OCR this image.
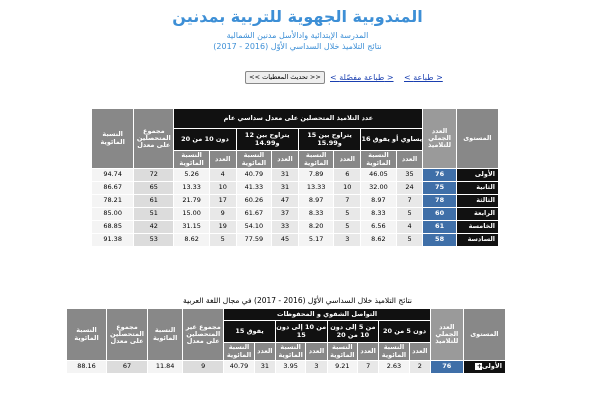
المندوبية الجهوية للتربية بمدنين
المدرسة الإبتدائية وادالأسل مدنين الشمالية
نتائج التلاميذ خلال السداسي الأوّل (2016 - 2017)
< طباعة >
< طباعة مفصّلة >
<< تحديث المعطيات >>
المستوى	العدد الجملي للتلاميذ	عدد التلاميذ المتحصلين على معدل سداسي عام								مجموع المتحصلين على معدل	النسبة المائوية
		يساوي أو يفوق 16		يتراوح بين 15 و15.99		يتراوح بين 12 و14.99		دون 10 من 20			
		العدد	النسبة المائوية	العدد	النسبة المائوية	العدد	النسبة المائوية	العدد	النسبة المائوية		
الأولى	76	35	46.05	6	7.89	31	40.79	4	5.26	72	94.74
الثانية	75	24	32.00	10	13.33	31	41.33	10	13.33	65	86.67
الثالثة	78	7	8.97	7	8.97	47	60.26	17	21.79	61	78.21
الرابعة	60	5	8.33	5	8.33	37	61.67	9	15.00	51	85.00
الخامسة	61	4	6.56	5	8.20	33	54.10	19	31.15	42	68.85
السادسة	58	5	8.62	3	5.17	45	77.59	5	8.62	53	91.38
نتائج التلاميذ خلال السداسي الأوّل (2016 - 2017) في مجال اللغة العربية
المستوى	العدد الجملي للتلاميذ	التواصل الشفوي و المحفوظات								مجموع غير المتحصلين على معدل	النسبة المائوية	مجموع المتحصلين على معدل	النسبة المائوية
		دون 5 من 20		من 5 إلى دون 10 من 20		من 10 إلى دون 15		يفوق 15					
		العدد	النسبة المائوية	العدد	النسبة المائوية	العدد	النسبة المائوية	العدد	النسبة المائوية				
الأولى+	76	2	2.63	7	9.21	3	3.95	31	40.79	9	11.84	67	88.16
